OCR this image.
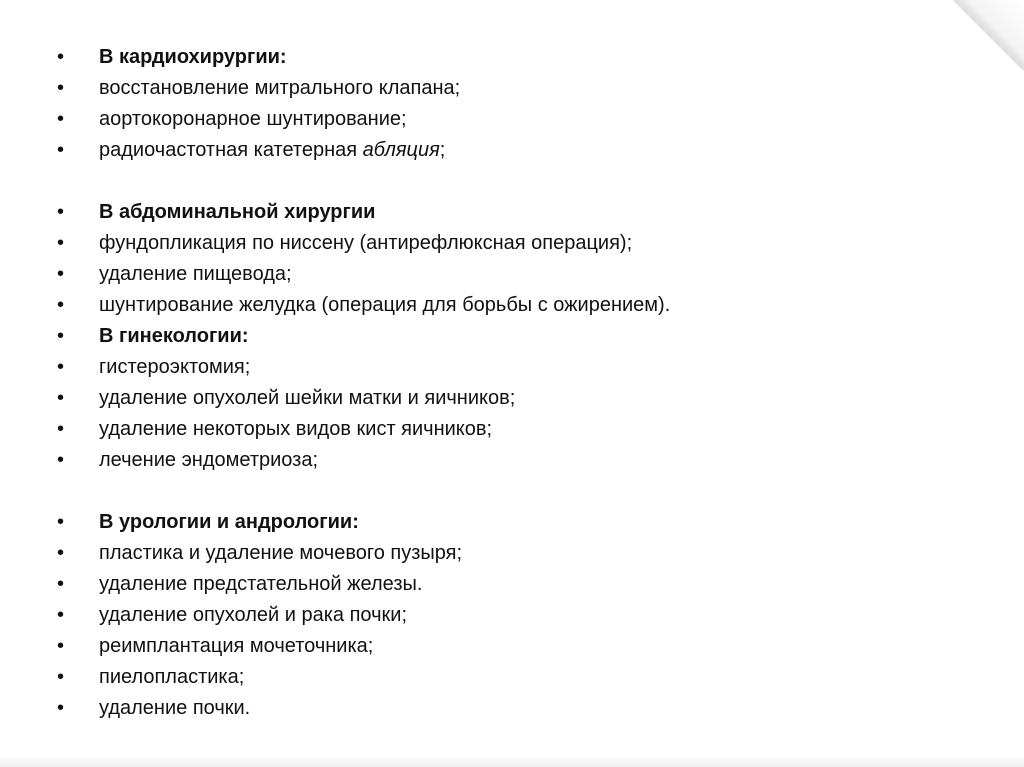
•	В кардиохирургии:
•	восстановление митрального клапана;
•	аортокоронарное шунтирование;
•	радиочастотная катетерная абляция;
•	В абдоминальной хирургии
•	фундопликация по ниссену (антирефлюксная операция);
•	удаление пищевода;
•	шунтирование желудка (операция для борьбы с ожирением).
•	В гинекологии:
•	гистероэктомия;
•	удаление опухолей шейки матки и яичников;
•	удаление некоторых видов кист яичников;
•	лечение эндометриоза;
•	В урологии и андрологии:
•	пластика и удаление мочевого пузыря;
•	удаление предстательной железы.
•	удаление опухолей и рака почки;
•	реимплантация мочеточника;
•	пиелопластика;
•	удаление почки.
